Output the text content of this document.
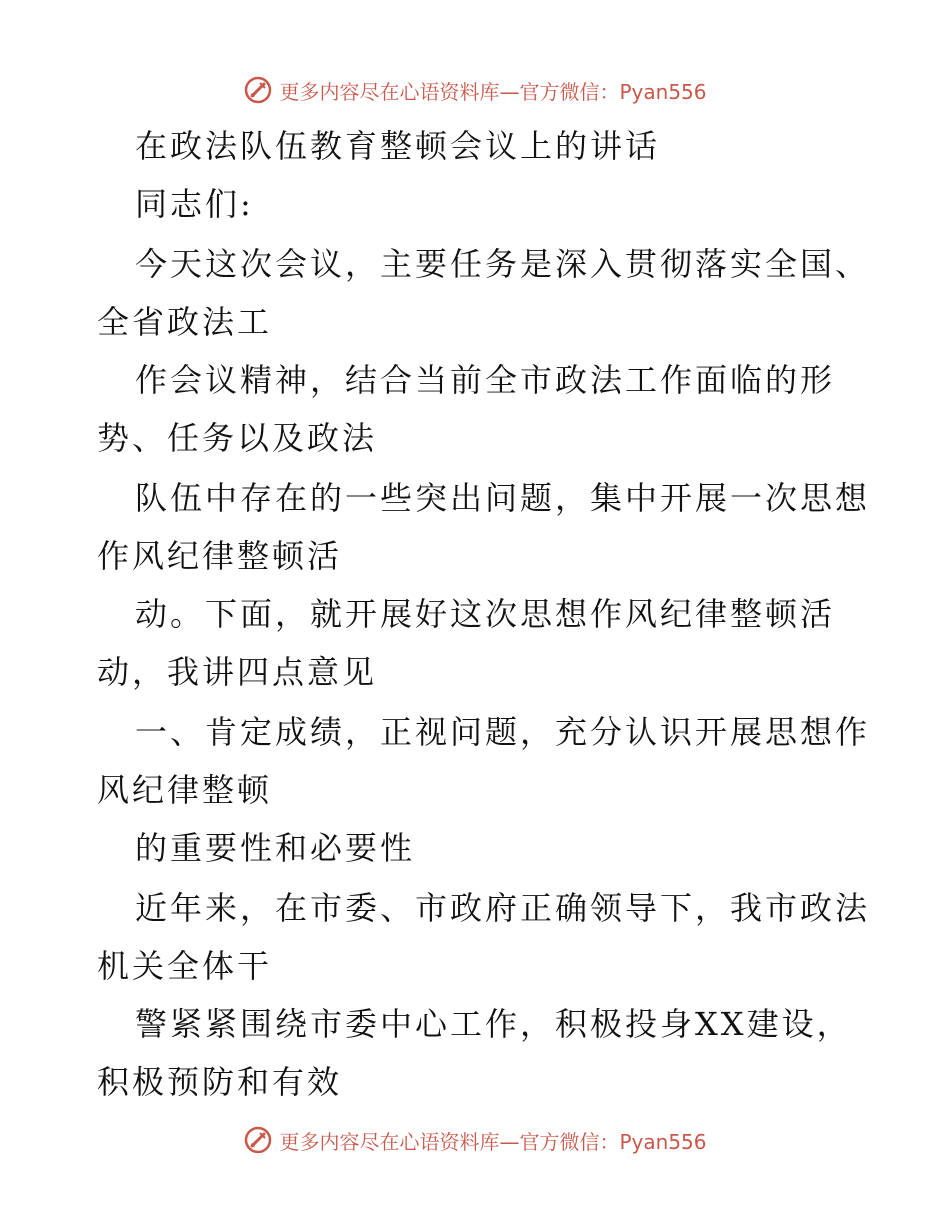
更多内容尽在心语资料库—官方微信：Pyan556
在政法队伍教育整顿会议上的讲话
同志们:
今天这次会议，主要任务是深入贯彻落实全国、
全省政法工
作会议精神，结合当前全市政法工作面临的形
势、任务以及政法
队伍中存在的一些突出问题，集中开展一次思想
作风纪律整顿活
动。下面，就开展好这次思想作风纪律整顿活
动，我讲四点意见
一、肯定成绩，正视问题，充分认识开展思想作
风纪律整顿
的重要性和必要性
近年来，在市委、市政府正确领导下，我市政法
机关全体干
警紧紧围绕市委中心工作，积极投身XX建设，
积极预防和有效
更多内容尽在心语资料库—官方微信：Pyan556
